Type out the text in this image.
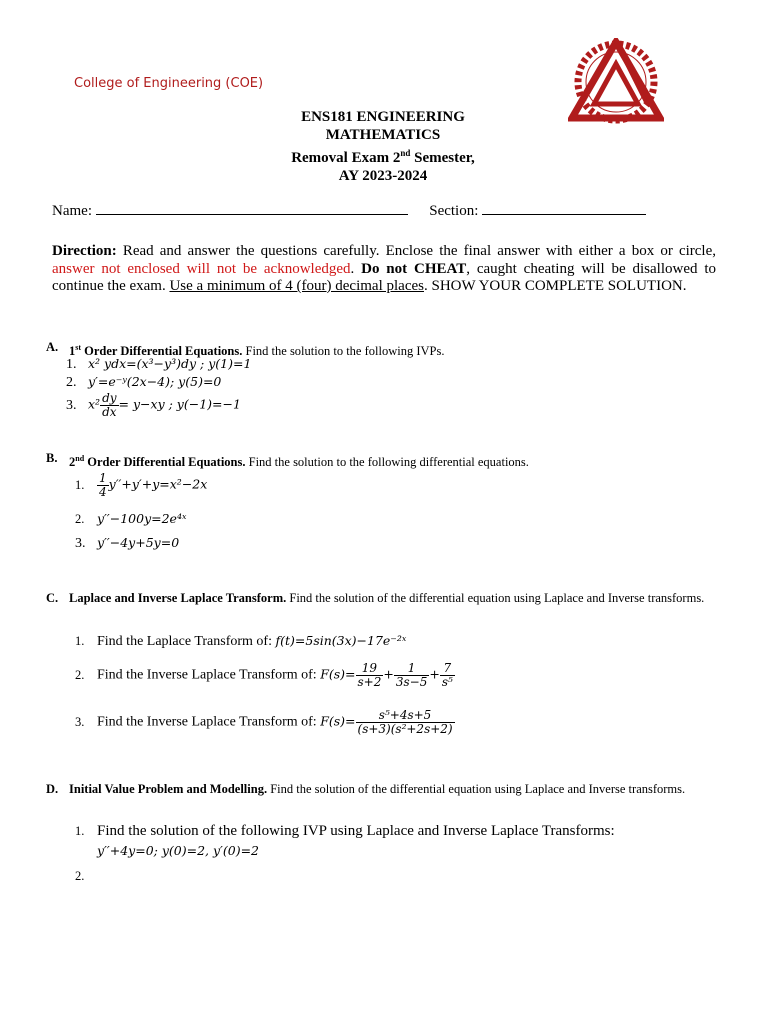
College of Engineering (COE)
ENS181 ENGINEERING
MATHEMATICS
Removal Exam 2nd Semester,
AY 2023-2024
Name:	Section:
Direction: Read and answer the questions carefully. Enclose the final answer with either a box or circle, answer not enclosed will not be acknowledged. Do not CHEAT, caught cheating will be disallowed to continue the exam. Use a minimum of 4 (four) decimal places. SHOW YOUR COMPLETE SOLUTION.
A. 1st Order Differential Equations. Find the solution to the following IVPs.
1. x² ydx=(x³−y³)dy ; y(1)=1
2. y′=e⁻ʸ(2x−4); y(5)=0
3. $x^2 \frac{dy}{dx} = y-xy$ ; y(−1)=−1
B. 2nd Order Differential Equations. Find the solution to the following differential equations.
1. $\frac{1}{4} y''+y'+y=x^2-2x$
2. y′′−100y=2e⁴ˣ
3. y′′−4y+5y=0
C. Laplace and Inverse Laplace Transform. Find the solution of the differential equation using Laplace and Inverse transforms.
1. Find the Laplace Transform of: f(t)=5sin(3x)−17e⁻²ˣ
2. Find the Inverse Laplace Transform of: $F(s)= \frac{19}{s+2} + \frac{1}{3s-5} + \frac{7}{\text{s⁵}}$
3. Find the Inverse Laplace Transform of: $F(s)= \frac{\text{s⁵+4s+5}}{\text{(s+3)(s²+2s+2)}}$
D. Initial Value Problem and Modelling. Find the solution of the differential equation using Laplace and Inverse transforms.
1. Find the solution of the following IVP using Laplace and Inverse Laplace Transforms:
y′′+4y=0; y(0)=2, y′(0)=2
2.
